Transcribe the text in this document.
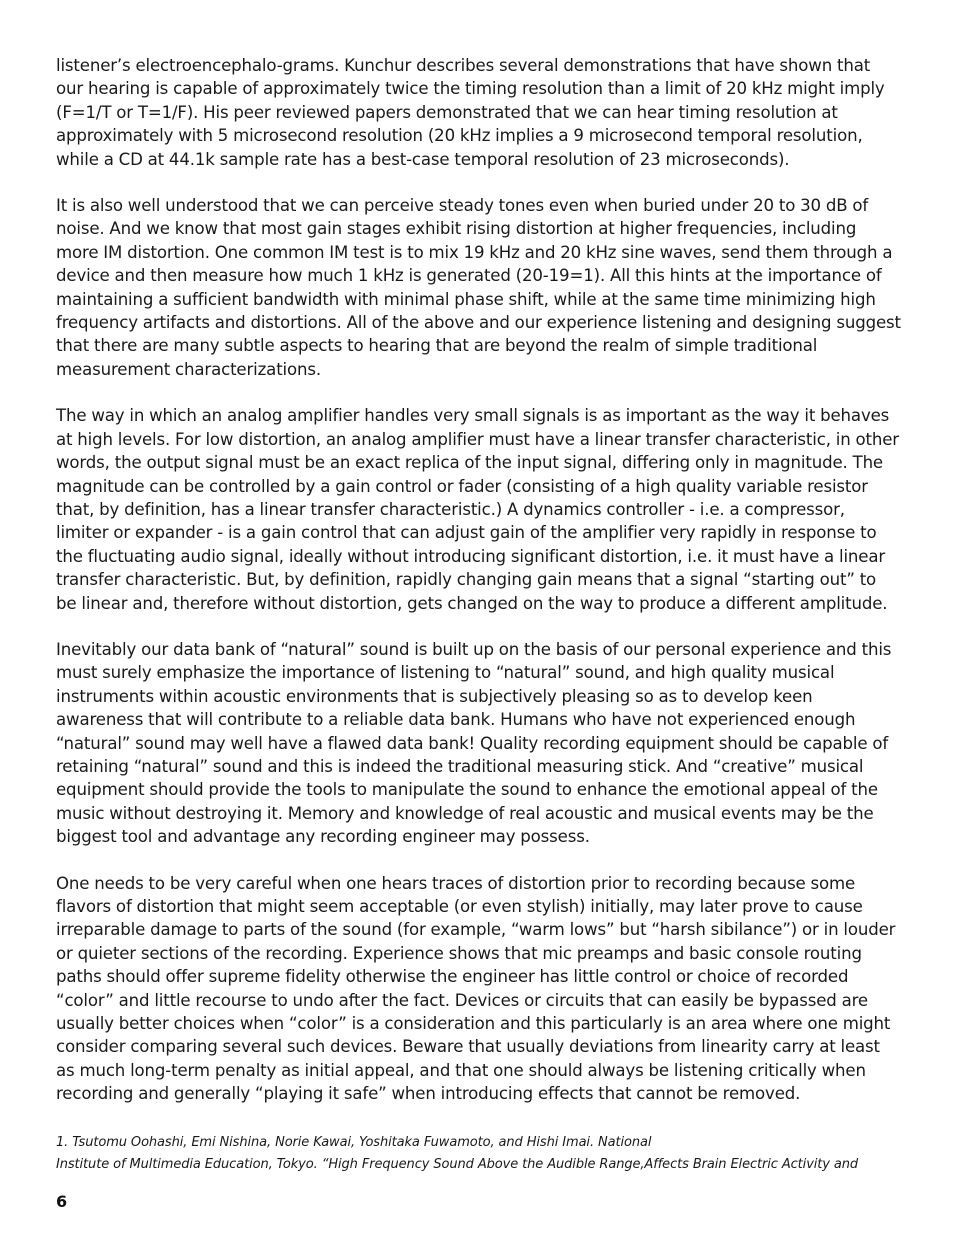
listener’s electroencephalo-grams. Kunchur describes several demonstrations that have shown that our hearing is capable of approximately twice the timing resolution than a limit of 20 kHz might imply (F=1/T or T=1/F). His peer reviewed papers demonstrated that we can hear timing resolution at approximately with 5 microsecond resolution (20 kHz implies a 9 microsecond temporal resolution, while a CD at 44.1k sample rate has a best-case temporal resolution of 23 microseconds).

It is also well understood that we can perceive steady tones even when buried under 20 to 30 dB of noise. And we know that most gain stages exhibit rising distortion at higher frequencies, including more IM distortion. One common IM test is to mix 19 kHz and 20 kHz sine waves, send them through a device and then measure how much 1 kHz is generated (20-19=1). All this hints at the importance of maintaining a sufficient bandwidth with minimal phase shift, while at the same time minimizing high frequency artifacts and distortions. All of the above and our experience listening and designing suggest that there are many subtle aspects to hearing that are beyond the realm of simple traditional measurement characterizations.

The way in which an analog amplifier handles very small signals is as important as the way it behaves at high levels. For low distortion, an analog amplifier must have a linear transfer characteristic, in other words, the output signal must be an exact replica of the input signal, differing only in magnitude. The magnitude can be controlled by a gain control or fader (consisting of a high quality variable resistor that, by definition, has a linear transfer characteristic.) A dynamics controller - i.e. a compressor, limiter or expander - is a gain control that can adjust gain of the amplifier very rapidly in response to the fluctuating audio signal, ideally without introducing significant distortion, i.e. it must have a linear transfer characteristic. But, by definition, rapidly changing gain means that a signal “starting out” to be linear and, therefore without distortion, gets changed on the way to produce a different amplitude.

Inevitably our data bank of “natural” sound is built up on the basis of our personal experience and this must surely emphasize the importance of listening to “natural” sound, and high quality musical instruments within acoustic environments that is subjectively pleasing so as to develop keen awareness that will contribute to a reliable data bank. Humans who have not experienced enough “natural” sound may well have a flawed data bank! Quality recording equipment should be capable of retaining “natural” sound and this is indeed the traditional measuring stick. And “creative” musical equipment should provide the tools to manipulate the sound to enhance the emotional appeal of the music without destroying it. Memory and knowledge of real acoustic and musical events may be the biggest tool and advantage any recording engineer may possess.

One needs to be very careful when one hears traces of distortion prior to recording because some flavors of distortion that might seem acceptable (or even stylish) initially, may later prove to cause irreparable damage to parts of the sound (for example, “warm lows” but “harsh sibilance”) or in louder or quieter sections of the recording. Experience shows that mic preamps and basic console routing paths should offer supreme fidelity otherwise the engineer has little control or choice of recorded “color” and little recourse to undo after the fact. Devices or circuits that can easily be bypassed are usually better choices when “color” is a consideration and this particularly is an area where one might consider comparing several such devices. Beware that usually deviations from linearity carry at least as much long-term penalty as initial appeal, and that one should always be listening critically when recording and generally “playing it safe” when introducing effects that cannot be removed.

1. Tsutomu Oohashi, Emi Nishina, Norie Kawai, Yoshitaka Fuwamoto, and Hishi Imai. National
Institute of Multimedia Education, Tokyo. “High Frequency Sound Above the Audible Range,Affects Brain Electric Activity and
6
